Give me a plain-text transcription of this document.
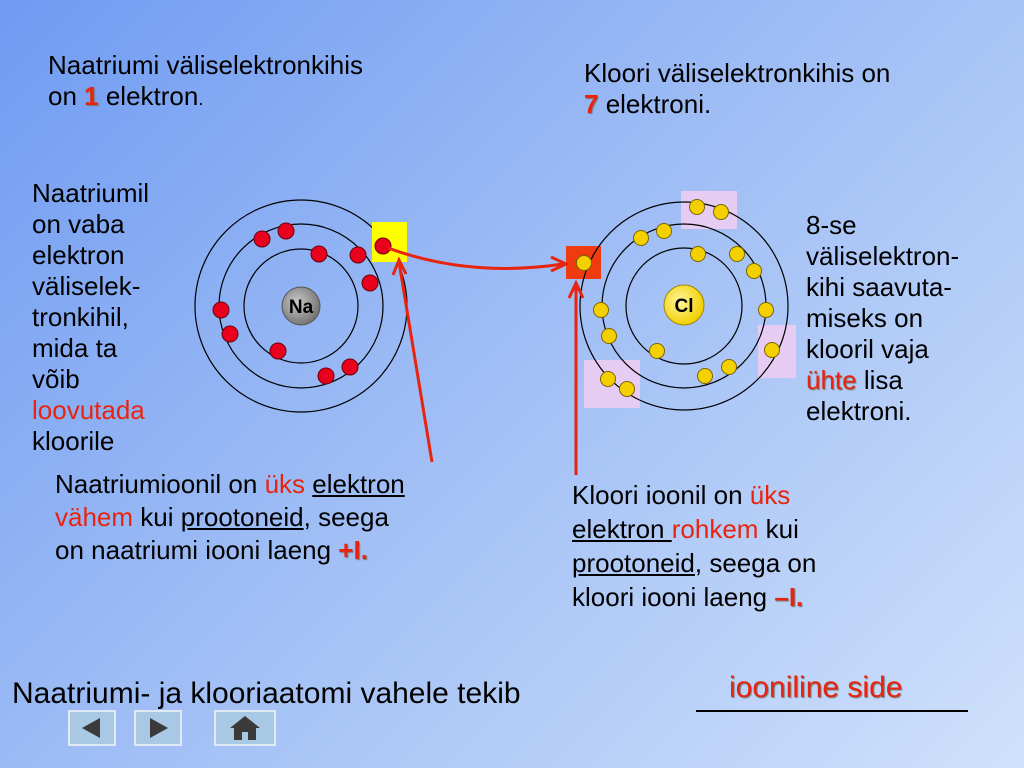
Na	Cl
Naatriumi väliselektronkihis
on 1 elektron.
Kloori väliselektronkihis on
7 elektroni.
Naatriumil
on vaba
elektron
väliselek-
tronkihil,
mida ta
võib
loovutada
kloorile
8-se
väliselektron-
kihi saavuta-
miseks on
klooril vaja
ühte lisa
elektroni.
Naatriumioonil on üks elektron
vähem kui prootoneid, seega
on naatriumi iooni laeng +I.
Kloori ioonil on üks
elektron rohkem kui
prootoneid, seega on
kloori iooni laeng –I.
Naatriumi- ja klooriaatomi vahele tekib	iooniline side
